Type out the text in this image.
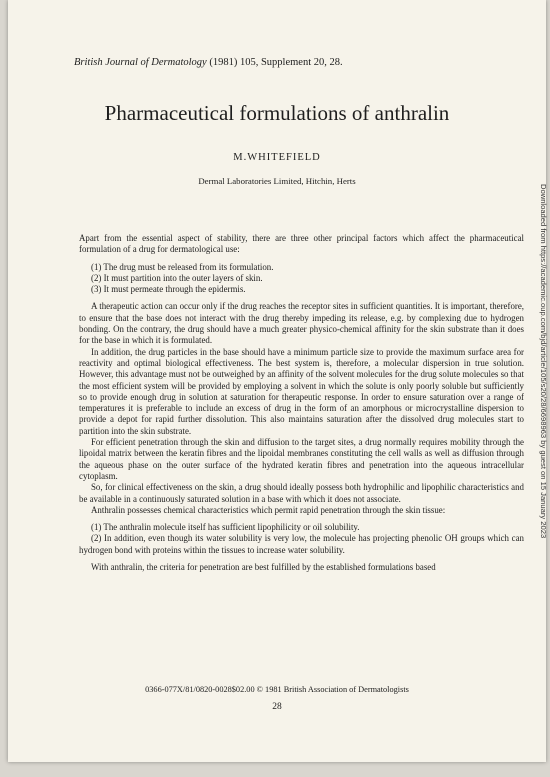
British Journal of Dermatology (1981) 105, Supplement 20, 28.
Pharmaceutical formulations of anthralin
M.WHITEFIELD
Dermal Laboratories Limited, Hitchin, Herts

Apart from the essential aspect of stability, there are three other principal factors which affect the pharmaceutical formulation of a drug for dermatological use:

(1) The drug must be released from its formulation.
(2) It must partition into the outer layers of skin.
(3) It must permeate through the epidermis.

A therapeutic action can occur only if the drug reaches the receptor sites in sufficient quantities. It is important, therefore, to ensure that the base does not interact with the drug thereby impeding its release, e.g. by complexing due to hydrogen bonding. On the contrary, the drug should have a much greater physico-chemical affinity for the skin substrate than it does for the base in which it is formulated.

In addition, the drug particles in the base should have a minimum particle size to provide the maximum surface area for reactivity and optimal biological effectiveness. The best system is, therefore, a molecular dispersion in true solution. However, this advantage must not be outweighed by an affinity of the solvent molecules for the drug solute molecules so that the most efficient system will be provided by employing a solvent in which the solute is only poorly soluble but sufficiently so to provide enough drug in solution at saturation for therapeutic response. In order to ensure saturation over a range of temperatures it is preferable to include an excess of drug in the form of an amorphous or microcrystalline dispersion to provide a depot for rapid further dissolution. This also maintains saturation after the dissolved drug molecules start to partition into the skin substrate.

For efficient penetration through the skin and diffusion to the target sites, a drug normally requires mobility through the lipoidal matrix between the keratin fibres and the lipoidal membranes constituting the cell walls as well as diffusion through the aqueous phase on the outer surface of the hydrated keratin fibres and penetration into the aqueous intracellular cytoplasm.

So, for clinical effectiveness on the skin, a drug should ideally possess both hydrophilic and lipophilic characteristics and be available in a continuously saturated solution in a base with which it does not associate.

Anthralin possesses chemical characteristics which permit rapid penetration through the skin tissue:

(1) The anthralin molecule itself has sufficient lipophilicity or oil solubility.
(2) In addition, even though its water solubility is very low, the molecule has projecting phenolic OH groups which can hydrogen bond with proteins within the tissues to increase water solubility.

With anthralin, the criteria for penetration are best fulfilled by the established formulations based

0366-077X/81/0820-0028$02.00 © 1981 British Association of Dermatologists
28
Downloaded from https://academic.oup.com/bjd/article/105/s20/28/6698963 by guest on 15 January 2023
